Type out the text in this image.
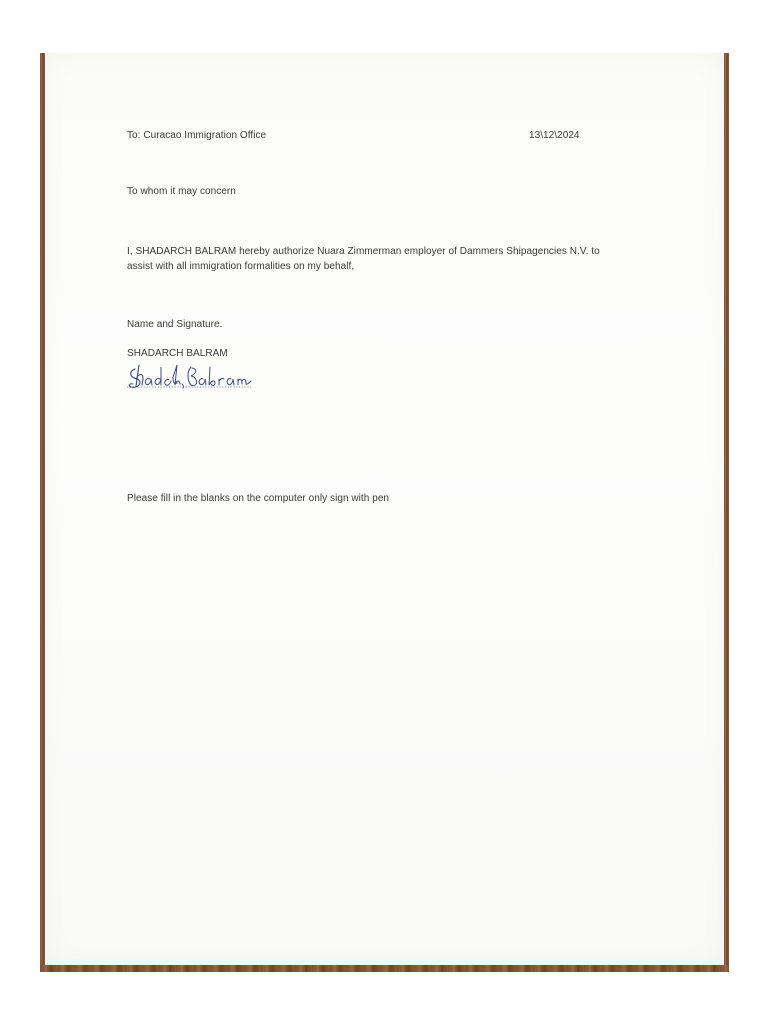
To: Curacao Immigration Office	13\12\2024
To whom it may concern
I, SHADARCH BALRAM hereby authorize Nuara Zimmerman employer of Dammers Shipagencies N.V. to
assist with all immigration formalities on my behalf,
Name and Signature.
SHADARCH BALRAM
Please fill in the blanks on the computer only sign with pen
